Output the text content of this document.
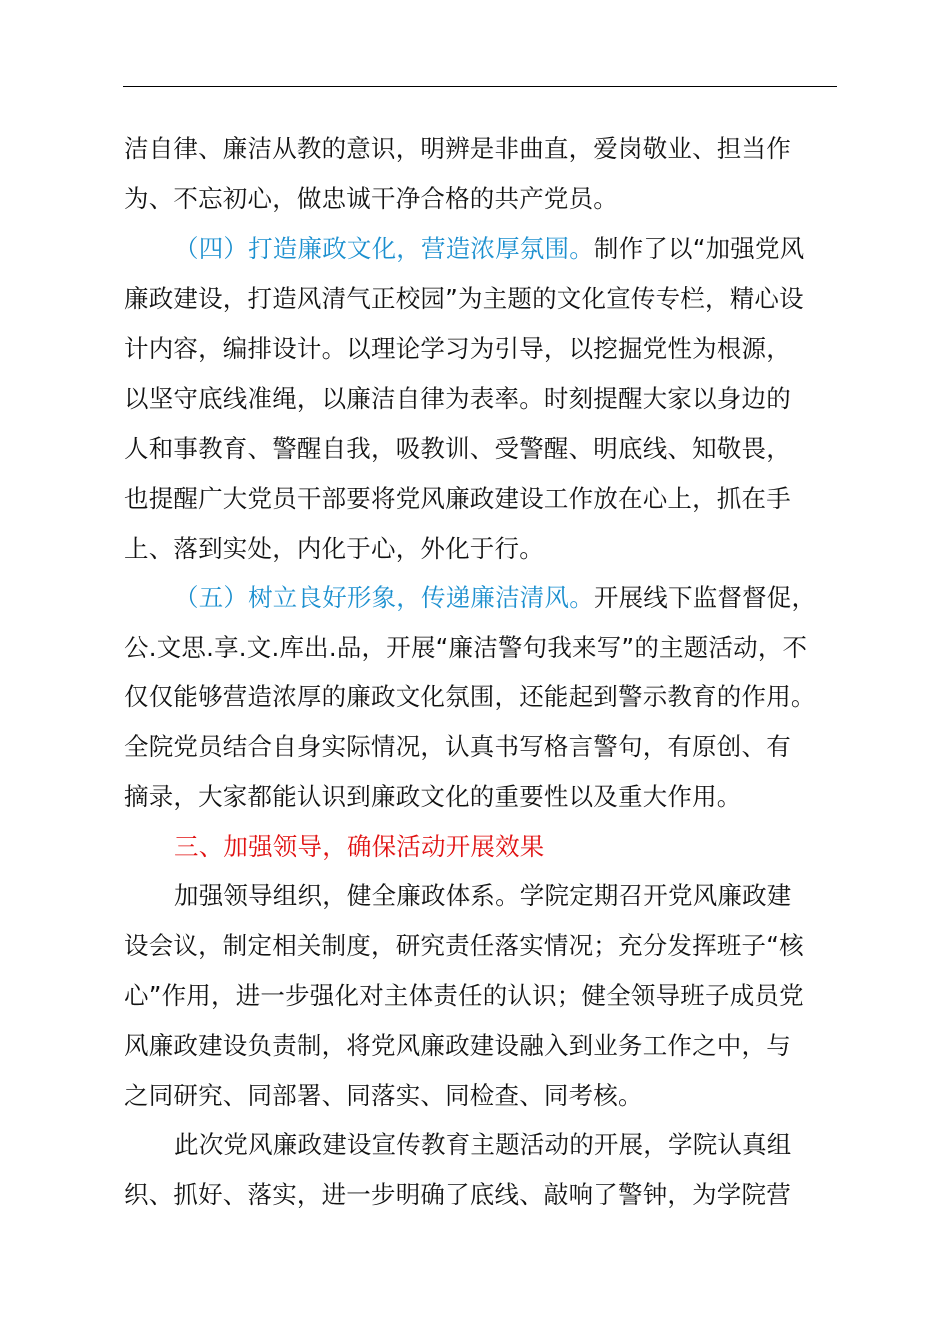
洁自律、廉洁从教的意识，明辨是非曲直，爱岗敬业、担当作
为、不忘初心，做忠诚干净合格的共产党员。
（四）打造廉政文化，营造浓厚氛围。制作了以“加强党风
廉政建设，打造风清气正校园”为主题的文化宣传专栏，精心设
计内容，编排设计。以理论学习为引导，以挖掘党性为根源，
以坚守底线准绳，以廉洁自律为表率。时刻提醒大家以身边的
人和事教育、警醒自我，吸教训、受警醒、明底线、知敬畏，
也提醒广大党员干部要将党风廉政建设工作放在心上，抓在手
上、落到实处，内化于心，外化于行。
（五）树立良好形象，传递廉洁清风。开展线下监督督促，
公.文思.享.文.库出.品，开展“廉洁警句我来写”的主题活动，不
仅仅能够营造浓厚的廉政文化氛围，还能起到警示教育的作用。
全院党员结合自身实际情况，认真书写格言警句，有原创、有
摘录，大家都能认识到廉政文化的重要性以及重大作用。
三、加强领导，确保活动开展效果
加强领导组织，健全廉政体系。学院定期召开党风廉政建
设会议，制定相关制度，研究责任落实情况；充分发挥班子“核
心”作用，进一步强化对主体责任的认识；健全领导班子成员党
风廉政建设负责制，将党风廉政建设融入到业务工作之中，与
之同研究、同部署、同落实、同检查、同考核。
此次党风廉政建设宣传教育主题活动的开展，学院认真组
织、抓好、落实，进一步明确了底线、敲响了警钟，为学院营
